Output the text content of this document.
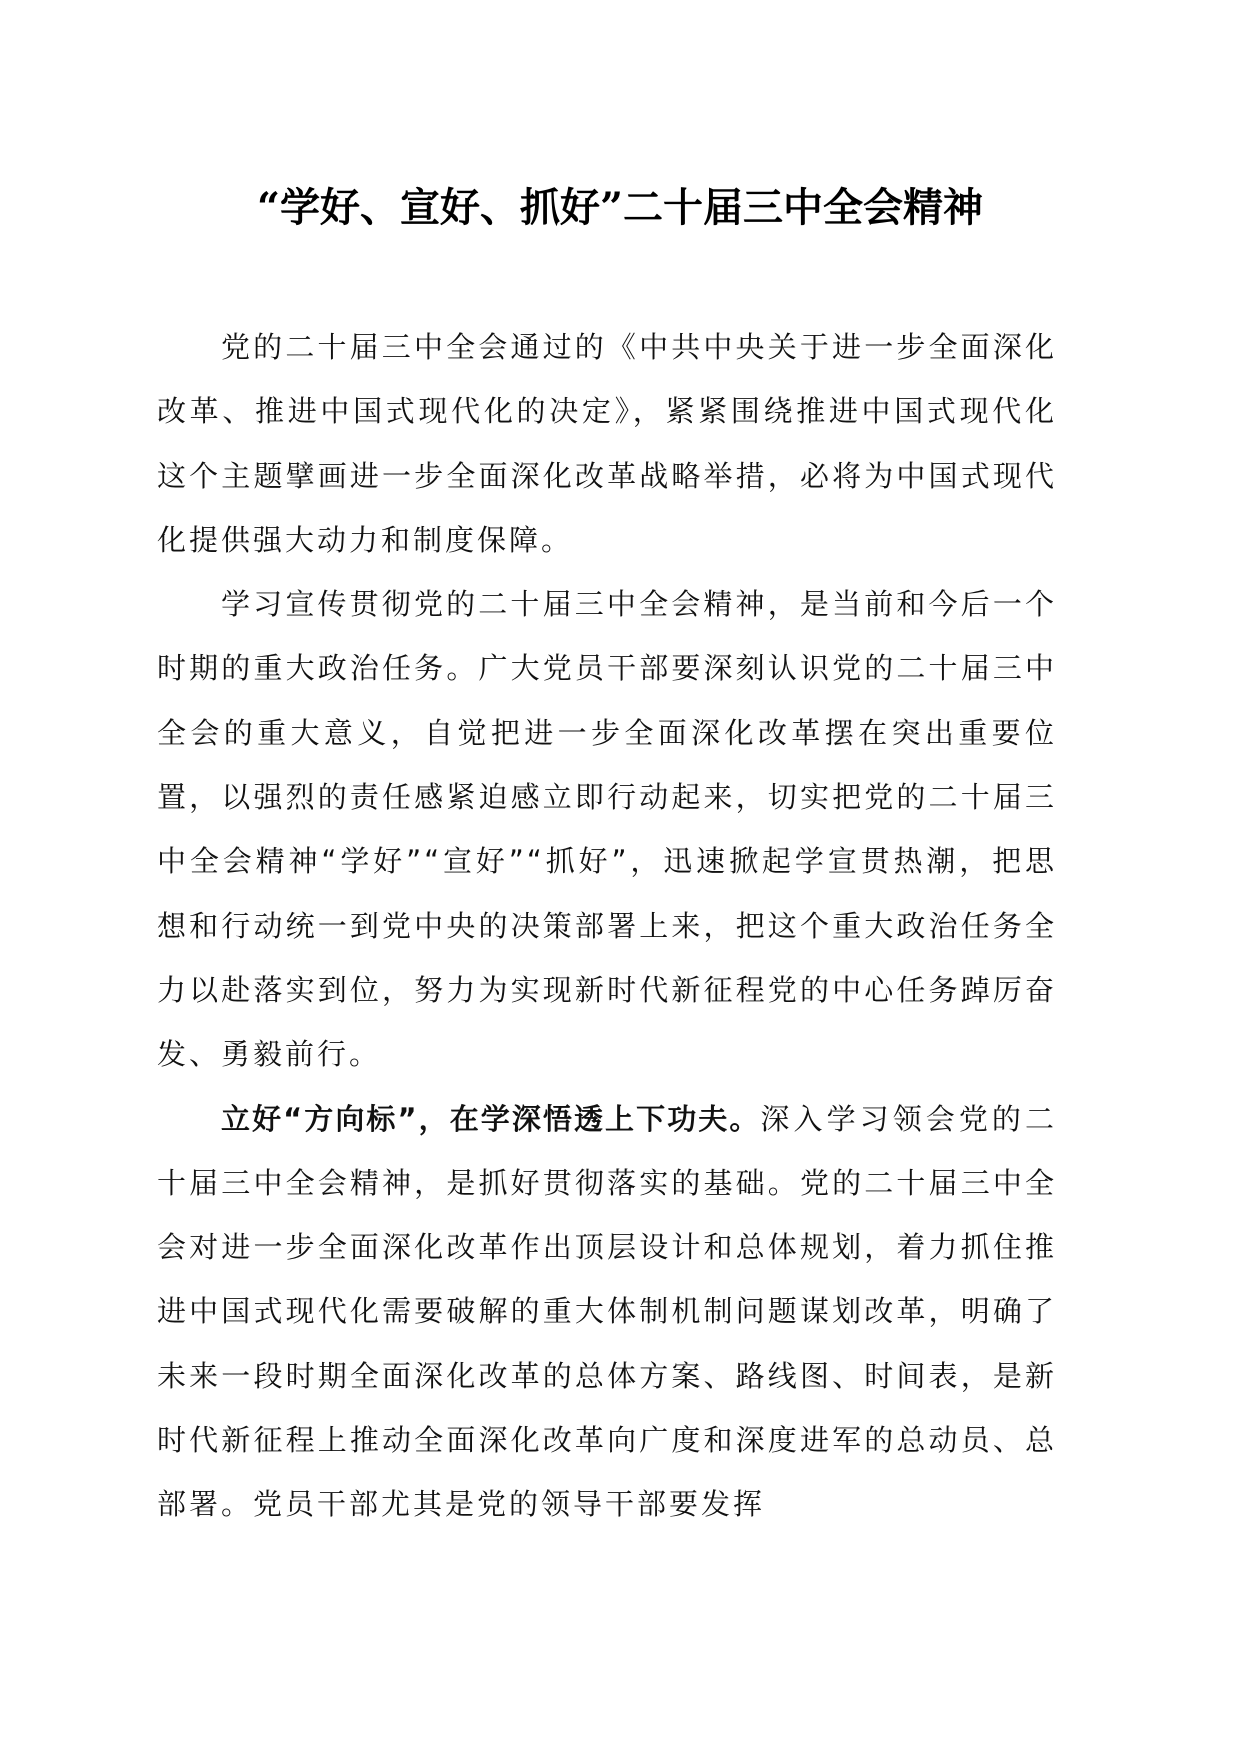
“学好、宣好、抓好”二十届三中全会精神

党的二十届三中全会通过的《中共中央关于进一步全面深化改革、推进中国式现代化的决定》，紧紧围绕推进中国式现代化这个主题擘画进一步全面深化改革战略举措，必将为中国式现代化提供强大动力和制度保障。

学习宣传贯彻党的二十届三中全会精神，是当前和今后一个时期的重大政治任务。广大党员干部要深刻认识党的二十届三中全会的重大意义，自觉把进一步全面深化改革摆在突出重要位置，以强烈的责任感紧迫感立即行动起来，切实把党的二十届三中全会精神“学好”“宣好”“抓好”，迅速掀起学宣贯热潮，把思想和行动统一到党中央的决策部署上来，把这个重大政治任务全力以赴落实到位，努力为实现新时代新征程党的中心任务踔厉奋发、勇毅前行。

立好“方向标”，在学深悟透上下功夫。深入学习领会党的二十届三中全会精神，是抓好贯彻落实的基础。党的二十届三中全会对进一步全面深化改革作出顶层设计和总体规划，着力抓住推进中国式现代化需要破解的重大体制机制问题谋划改革，明确了未来一段时期全面深化改革的总体方案、路线图、时间表，是新时代新征程上推动全面深化改革向广度和深度进军的总动员、总部署。党员干部尤其是党的领导干部要发挥
